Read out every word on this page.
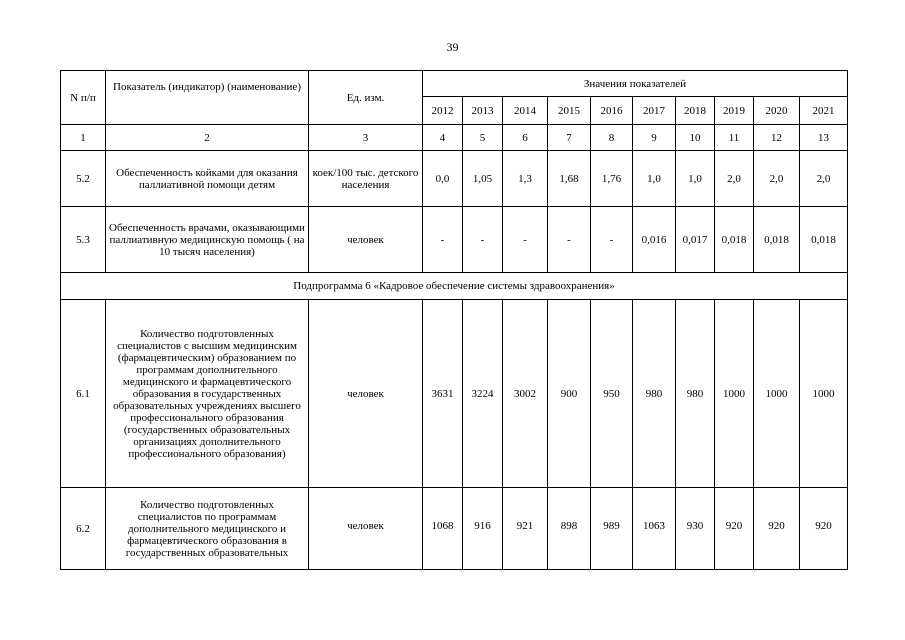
39
N п/п	Показатель (индикатор) (наименование)	Ед. изм.	Значения показателей									
			2012	2013	2014	2015	2016	2017	2018	2019	2020	2021
1	2	3	4	5	6	7	8	9	10	11	12	13
5.2	Обеспеченность койками для оказания паллиативной помощи детям	коек/100 тыс. детского населения	0,0	1,05	1,3	1,68	1,76	1,0	1,0	2,0	2,0	2,0
5.3	Обеспеченность врачами, оказывающими паллиативную медицинскую помощь ( на 10 тысяч населения)	человек	-	-	-	-	-	0,016	0,017	0,018	0,018	0,018
Подпрограмма 6 «Кадровое обеспечение системы здравоохранения»												
6.1	Количество подготовленных специалистов с высшим медицинским (фармацевтическим) образованием по программам дополнительного медицинского и фармацевтического образования в государственных образовательных учреждениях высшего профессионального образования (государственных образовательных организациях дополнительного профессионального образования)	человек	3631	3224	3002	900	950	980	980	1000	1000	1000
6.2	Количество подготовленных специалистов по программам дополнительного медицинского и фармацевтического образования в государственных образовательных	человек	1068	916	921	898	989	1063	930	920	920	920
